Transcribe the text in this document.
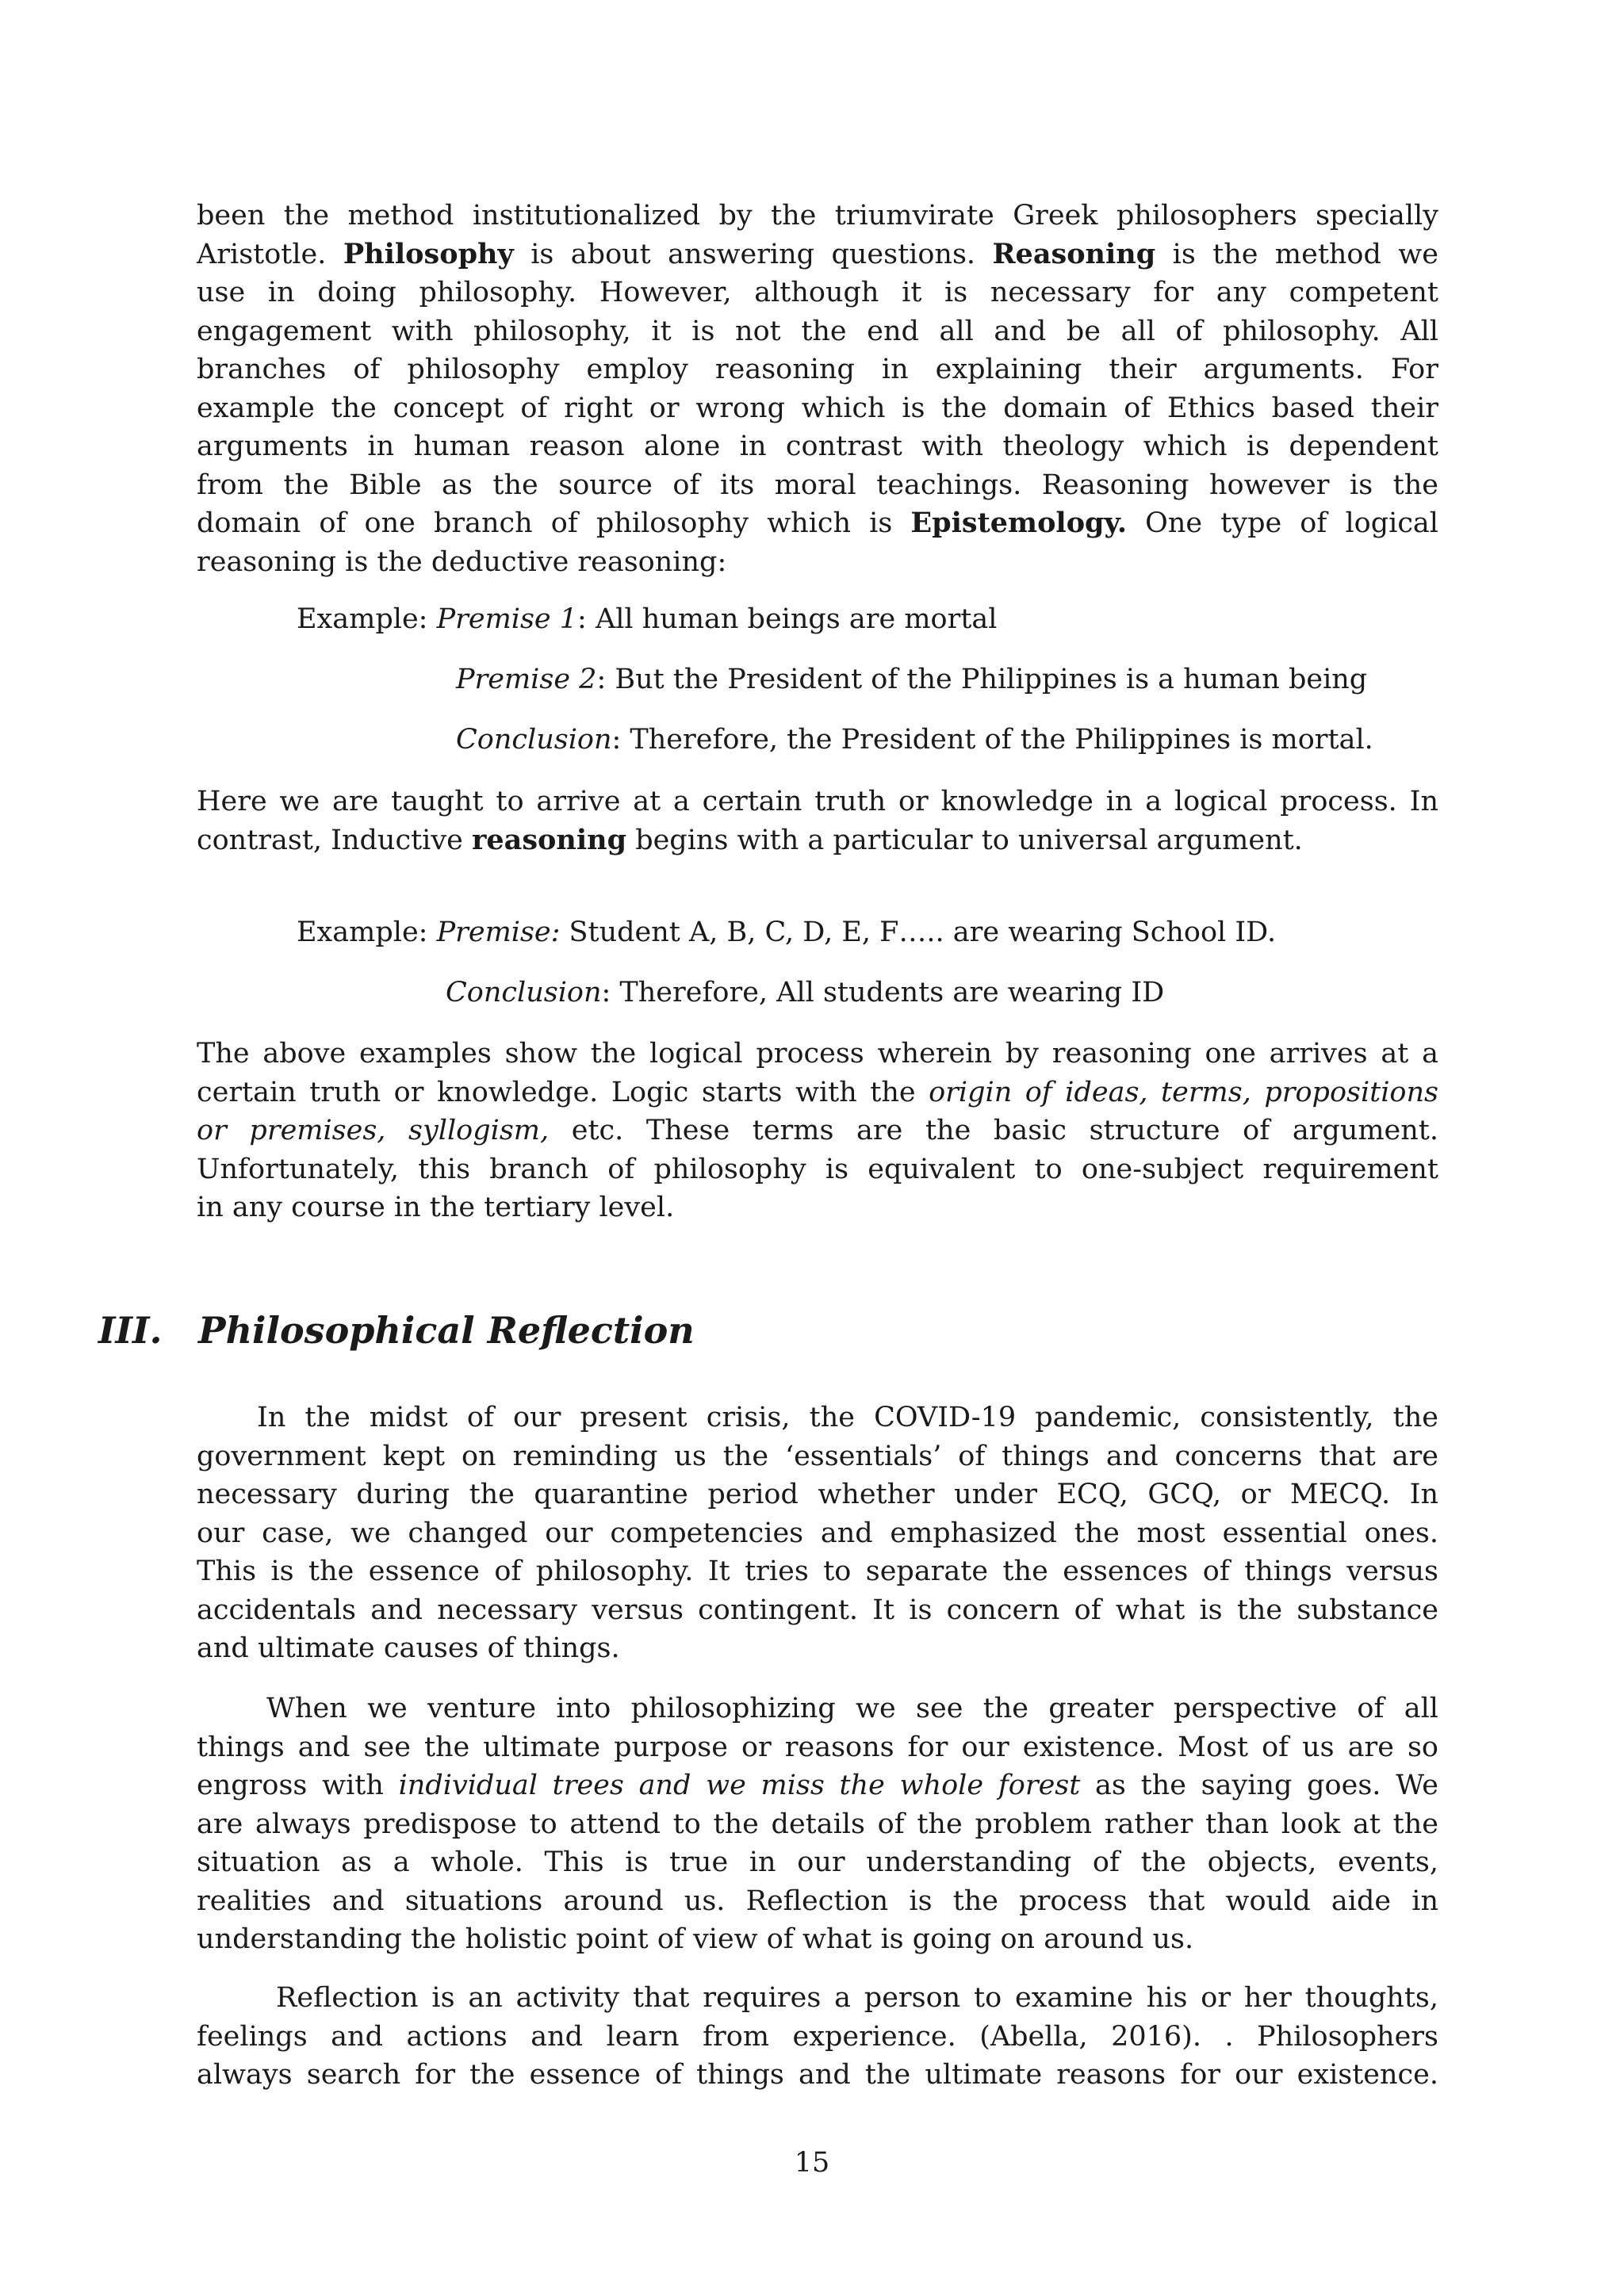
been the method institutionalized by the triumvirate Greek philosophers specially
Aristotle. Philosophy is about answering questions. Reasoning is the method we
use in doing philosophy. However, although it is necessary for any competent
engagement with philosophy, it is not the end all and be all of philosophy. All
branches of philosophy employ reasoning in explaining their arguments. For
example the concept of right or wrong which is the domain of Ethics based their
arguments in human reason alone in contrast with theology which is dependent
from the Bible as the source of its moral teachings. Reasoning however is the
domain of one branch of philosophy which is Epistemology. One type of logical
reasoning is the deductive reasoning:
Example: Premise 1: All human beings are mortal
Premise 2: But the President of the Philippines is a human being
Conclusion: Therefore, the President of the Philippines is mortal.
Here we are taught to arrive at a certain truth or knowledge in a logical process. In
contrast, Inductive reasoning begins with a particular to universal argument.
Example: Premise: Student A, B, C, D, E, F….. are wearing School ID.
Conclusion: Therefore, All students are wearing ID
The above examples show the logical process wherein by reasoning one arrives at a
certain truth or knowledge. Logic starts with the origin of ideas, terms, propositions
or premises, syllogism, etc. These terms are the basic structure of argument.
Unfortunately, this branch of philosophy is equivalent to one-subject requirement
in any course in the tertiary level.
III. Philosophical Reflection
In the midst of our present crisis, the COVID-19 pandemic, consistently, the
government kept on reminding us the ‘essentials’ of things and concerns that are
necessary during the quarantine period whether under ECQ, GCQ, or MECQ. In
our case, we changed our competencies and emphasized the most essential ones.
This is the essence of philosophy. It tries to separate the essences of things versus
accidentals and necessary versus contingent. It is concern of what is the substance
and ultimate causes of things.
When we venture into philosophizing we see the greater perspective of all
things and see the ultimate purpose or reasons for our existence. Most of us are so
engross with individual trees and we miss the whole forest as the saying goes. We
are always predispose to attend to the details of the problem rather than look at the
situation as a whole. This is true in our understanding of the objects, events,
realities and situations around us. Reflection is the process that would aide in
understanding the holistic point of view of what is going on around us.
Reflection is an activity that requires a person to examine his or her thoughts,
feelings and actions and learn from experience. (Abella, 2016). . Philosophers
always search for the essence of things and the ultimate reasons for our existence.
15
